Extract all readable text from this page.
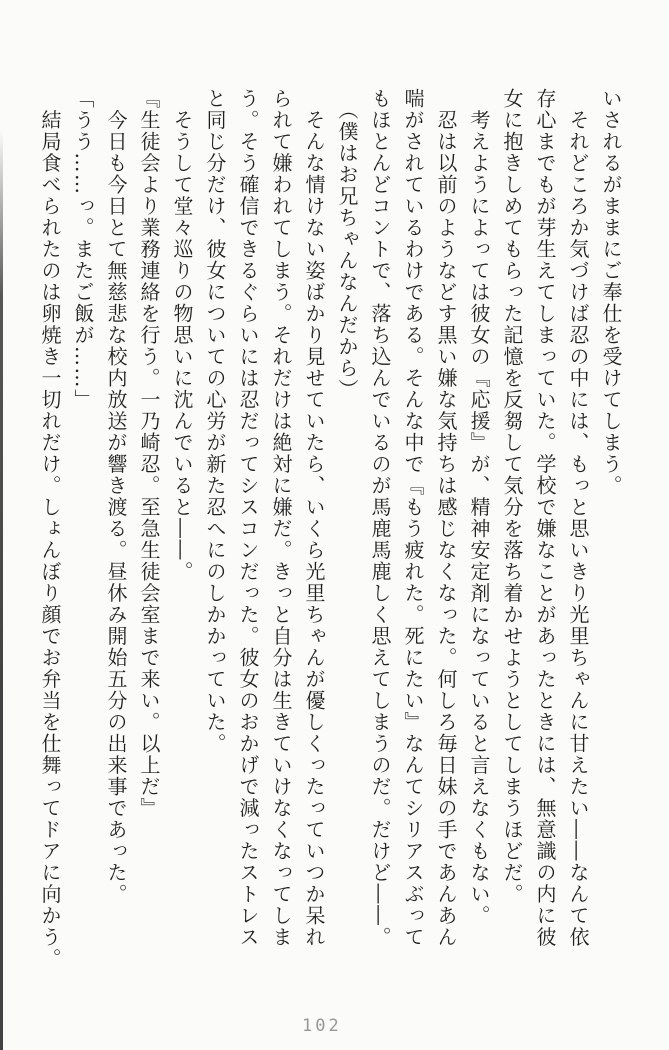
いされるがままにご奉仕を受けてしまう。

　それどころか気づけば忍の中には、もっと思いきり光里ちゃんに甘えたい――なんて依

存心までもが芽生えてしまっていた。学校で嫌なことがあったときには、無意識の内に彼

女に抱きしめてもらった記憶を反芻して気分を落ち着かせようとしてしまうほどだ。

　考えようによっては彼女の『応援』が、精神安定剤になっていると言えなくもない。

　忍は以前のようなどす黒い嫌な気持ちは感じなくなった。何しろ毎日妹の手であんあん

喘がされているわけである。そんな中で『もう疲れた。死にたい』なんてシリアスぶって

もほとんどコントで、落ち込んでいるのが馬鹿馬鹿しく思えてしまうのだ。だけど――。

　（僕はお兄ちゃんなんだから）

　そんな情けない姿ばかり見せていたら、いくら光里ちゃんが優しくったっていつか呆れ

られて嫌われてしまう。それだけは絶対に嫌だ。きっと自分は生きていけなくなってしま

う。そう確信できるぐらいには忍だってシスコンだった。彼女のおかげで減ったストレス

と同じ分だけ、彼女についての心労が新た忍へにのしかかっていた。

　そうして堂々巡りの物思いに沈んでいると――。

『生徒会より業務連絡を行う。一乃崎忍。至急生徒会室まで来い。以上だ』

　今日も今日とて無慈悲な校内放送が響き渡る。昼休み開始五分の出来事であった。

「うう……っ。またご飯が……」

　結局食べられたのは卵焼き一切れだけ。しょんぼり顔でお弁当を仕舞ってドアに向かう。

102
